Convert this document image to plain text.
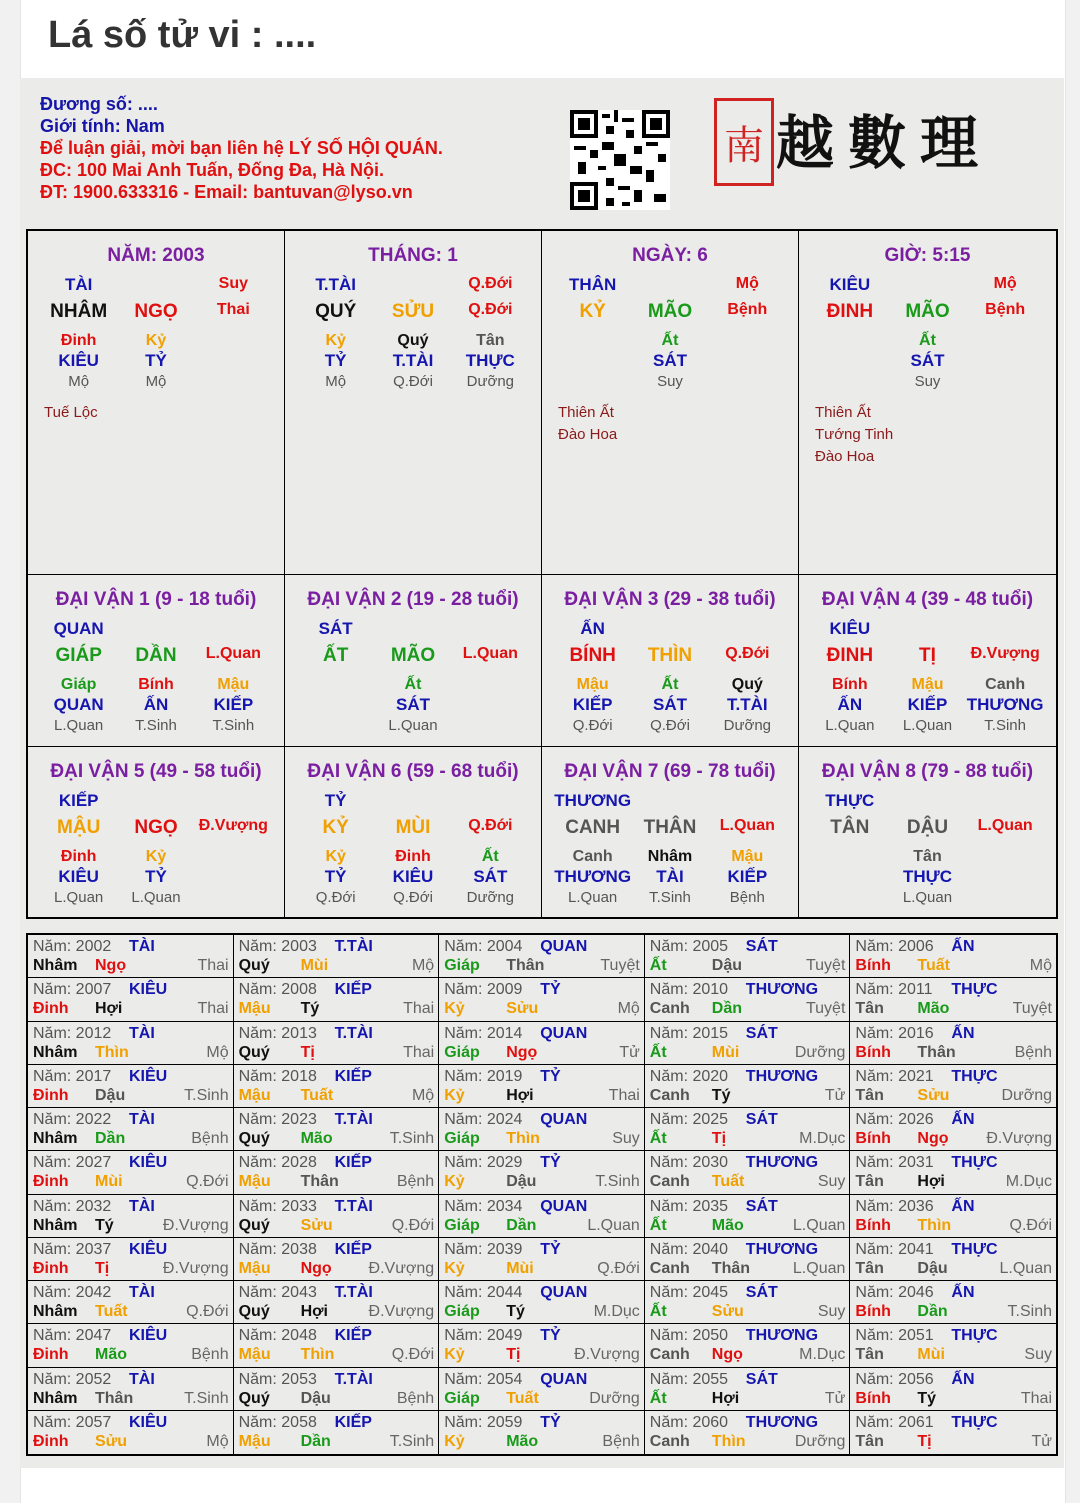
Lá số tử vi : ....
Đương số: ....
Giới tính: Nam
Để luận giải, mời bạn liên hệ LÝ SỐ HỘI QUÁN.
ĐC: 100 Mai Anh Tuấn, Đống Đa, Hà Nội.
ĐT: 1900.633316 - Email: bantuvan@lyso.vn
南 越數理
NĂM: 2003
TÀI	Suy
NHÂM	NGỌ	Thai
Đinh	Kỷ
KIÊU	TỶ
Mộ	Mộ
Tuế Lộc
THÁNG: 1
T.TÀI	Q.Đới
QUÝ	SỬU	Q.Đới
Kỷ	Quý	Tân
TỶ	T.TÀI	THỰC
Mộ	Q.Đới	Dưỡng
NGÀY: 6
THÂN	Mộ
KỶ	MÃO	Bệnh
Ất
SÁT
Suy
Thiên Ất
Đào Hoa
GIỜ: 5:15
KIÊU	Mộ
ĐINH	MÃO	Bệnh
Ất
SÁT
Suy
Thiên Ất
Tướng Tinh
Đào Hoa
ĐẠI VẬN 1 (9 - 18 tuổi)
QUAN
GIÁP	DẦN	L.Quan
Giáp	Bính	Mậu
QUAN	ẤN	KIẾP
L.Quan	T.Sinh	T.Sinh
ĐẠI VẬN 2 (19 - 28 tuổi)
SÁT
ẤT	MÃO	L.Quan
Ất
SÁT
L.Quan
ĐẠI VẬN 3 (29 - 38 tuổi)
ẤN
BÍNH	THÌN	Q.Đới
Mậu	Ất	Quý
KIẾP	SÁT	T.TÀI
Q.Đới	Q.Đới	Dưỡng
ĐẠI VẬN 4 (39 - 48 tuổi)
KIÊU
ĐINH	TỊ	Đ.Vượng
Bính	Mậu	Canh
ẤN	KIẾP	THƯƠNG
L.Quan	L.Quan	T.Sinh
ĐẠI VẬN 5 (49 - 58 tuổi)
KIẾP
MẬU	NGỌ	Đ.Vượng
Đinh	Kỷ
KIÊU	TỶ
L.Quan	L.Quan
ĐẠI VẬN 6 (59 - 68 tuổi)
TỶ
KỶ	MÙI	Q.Đới
Kỷ	Đinh	Ất
TỶ	KIÊU	SÁT
Q.Đới	Q.Đới	Dưỡng
ĐẠI VẬN 7 (69 - 78 tuổi)
THƯƠNG
CANH	THÂN	L.Quan
Canh	Nhâm	Mậu
THƯƠNG	TÀI	KIẾP
L.Quan	T.Sinh	Bệnh
ĐẠI VẬN 8 (79 - 88 tuổi)
THỰC
TÂN	DẬU	L.Quan
Tân
THỰC
L.Quan
Năm: 2002	TÀI
Nhâm	Ngọ	Thai
Năm: 2003	T.TÀI
Quý	Mùi	Mộ
Năm: 2004	QUAN
Giáp	Thân	Tuyệt
Năm: 2005	SÁT
Ất	Dậu	Tuyệt
Năm: 2006	ẤN
Bính	Tuất	Mộ
Năm: 2007	KIÊU
Đinh	Hợi	Thai
Năm: 2008	KIẾP
Mậu	Tý	Thai
Năm: 2009	TỶ
Kỷ	Sửu	Mộ
Năm: 2010	THƯƠNG
Canh	Dần	Tuyệt
Năm: 2011	THỰC
Tân	Mão	Tuyệt
Năm: 2012	TÀI
Nhâm	Thìn	Mộ
Năm: 2013	T.TÀI
Quý	Tị	Thai
Năm: 2014	QUAN
Giáp	Ngọ	Tử
Năm: 2015	SÁT
Ất	Mùi	Dưỡng
Năm: 2016	ẤN
Bính	Thân	Bệnh
Năm: 2017	KIÊU
Đinh	Dậu	T.Sinh
Năm: 2018	KIẾP
Mậu	Tuất	Mộ
Năm: 2019	TỶ
Kỷ	Hợi	Thai
Năm: 2020	THƯƠNG
Canh	Tý	Tử
Năm: 2021	THỰC
Tân	Sửu	Dưỡng
Năm: 2022	TÀI
Nhâm	Dần	Bệnh
Năm: 2023	T.TÀI
Quý	Mão	T.Sinh
Năm: 2024	QUAN
Giáp	Thìn	Suy
Năm: 2025	SÁT
Ất	Tị	M.Dục
Năm: 2026	ẤN
Bính	Ngọ	Đ.Vượng
Năm: 2027	KIÊU
Đinh	Mùi	Q.Đới
Năm: 2028	KIẾP
Mậu	Thân	Bệnh
Năm: 2029	TỶ
Kỷ	Dậu	T.Sinh
Năm: 2030	THƯƠNG
Canh	Tuất	Suy
Năm: 2031	THỰC
Tân	Hợi	M.Dục
Năm: 2032	TÀI
Nhâm	Tý	Đ.Vượng
Năm: 2033	T.TÀI
Quý	Sửu	Q.Đới
Năm: 2034	QUAN
Giáp	Dần	L.Quan
Năm: 2035	SÁT
Ất	Mão	L.Quan
Năm: 2036	ẤN
Bính	Thìn	Q.Đới
Năm: 2037	KIÊU
Đinh	Tị	Đ.Vượng
Năm: 2038	KIẾP
Mậu	Ngọ	Đ.Vượng
Năm: 2039	TỶ
Kỷ	Mùi	Q.Đới
Năm: 2040	THƯƠNG
Canh	Thân	L.Quan
Năm: 2041	THỰC
Tân	Dậu	L.Quan
Năm: 2042	TÀI
Nhâm	Tuất	Q.Đới
Năm: 2043	T.TÀI
Quý	Hợi	Đ.Vượng
Năm: 2044	QUAN
Giáp	Tý	M.Dục
Năm: 2045	SÁT
Ất	Sửu	Suy
Năm: 2046	ẤN
Bính	Dần	T.Sinh
Năm: 2047	KIÊU
Đinh	Mão	Bệnh
Năm: 2048	KIẾP
Mậu	Thìn	Q.Đới
Năm: 2049	TỶ
Kỷ	Tị	Đ.Vượng
Năm: 2050	THƯƠNG
Canh	Ngọ	M.Dục
Năm: 2051	THỰC
Tân	Mùi	Suy
Năm: 2052	TÀI
Nhâm	Thân	T.Sinh
Năm: 2053	T.TÀI
Quý	Dậu	Bệnh
Năm: 2054	QUAN
Giáp	Tuất	Dưỡng
Năm: 2055	SÁT
Ất	Hợi	Tử
Năm: 2056	ẤN
Bính	Tý	Thai
Năm: 2057	KIÊU
Đinh	Sửu	Mộ
Năm: 2058	KIẾP
Mậu	Dần	T.Sinh
Năm: 2059	TỶ
Kỷ	Mão	Bệnh
Năm: 2060	THƯƠNG
Canh	Thìn	Dưỡng
Năm: 2061	THỰC
Tân	Tị	Tử
